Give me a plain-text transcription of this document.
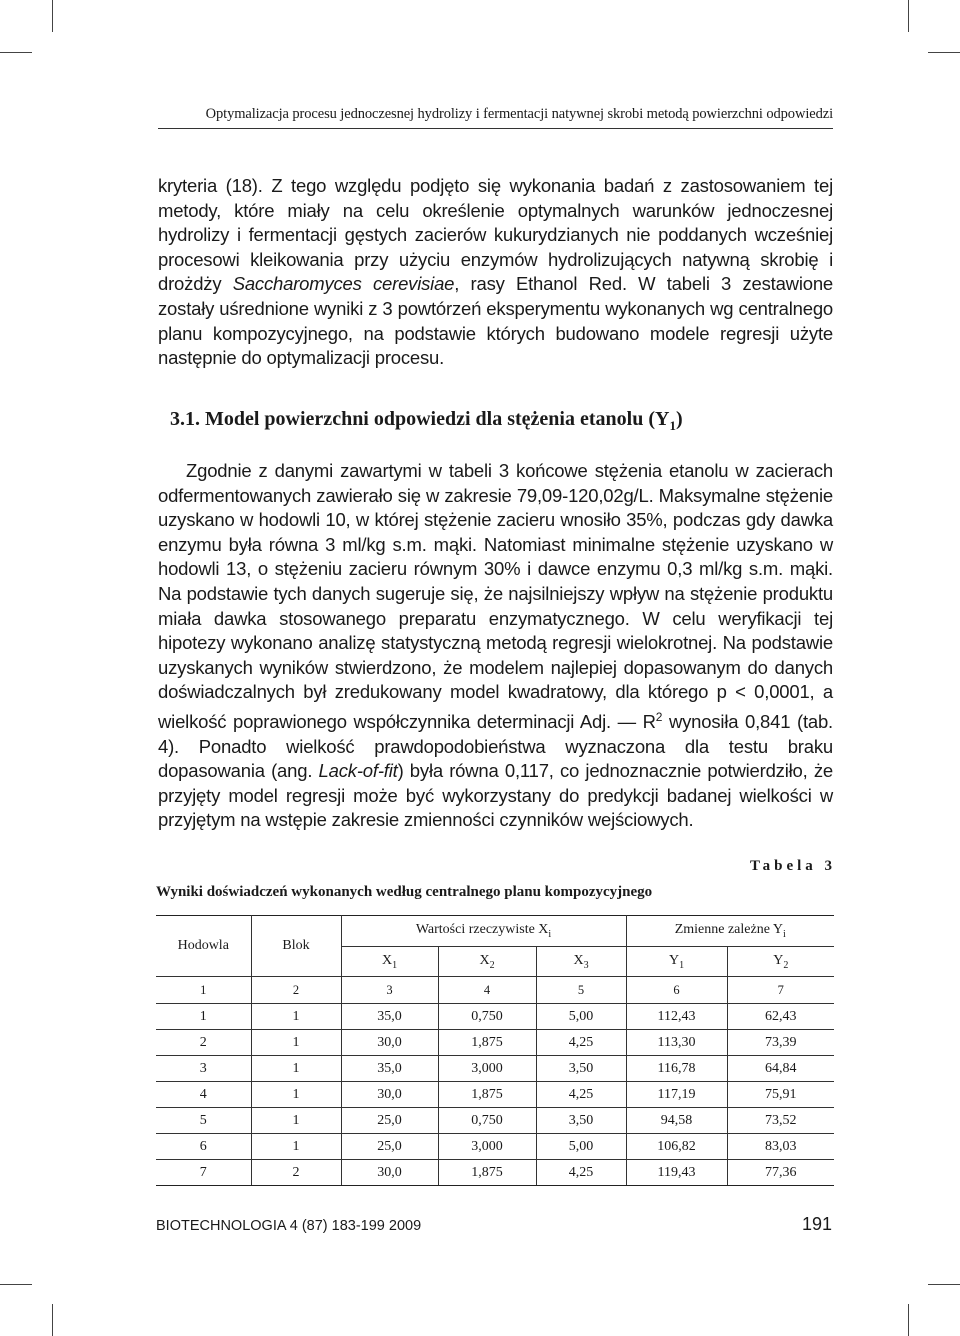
Optymalizacja procesu jednoczesnej hydrolizy i fermentacji natywnej skrobi metodą powierzchni odpowiedzi
kryteria (18). Z tego względu podjęto się wykonania badań z zastosowaniem tej metody, które miały na celu określenie optymalnych warunków jednoczesnej hydrolizy i fermentacji gęstych zacierów kukurydzianych nie poddanych wcześniej procesowi kleikowania przy użyciu enzymów hydrolizujących natywną skrobię i drożdży Saccharomyces cerevisiae, rasy Ethanol Red. W tabeli 3 zestawione zostały uśrednione wyniki z 3 powtórzeń eksperymentu wykonanych wg centralnego planu kompozycyjnego, na podstawie których budowano modele regresji użyte następnie do optymalizacji procesu.
3.1. Model powierzchni odpowiedzi dla stężenia etanolu $(Y_1)$
Zgodnie z danymi zawartymi w tabeli 3 końcowe stężenia etanolu w zacierach odfermentowanych zawierało się w zakresie 79,09-120,02g/L. Maksymalne stężenie uzyskano w hodowli 10, w której stężenie zacieru wnosiło 35%, podczas gdy dawka enzymu była równa 3 ml/kg s.m. mąki. Natomiast minimalne stężenie uzyskano w hodowli 13, o stężeniu zacieru równym 30% i dawce enzymu 0,3 ml/kg s.m. mąki. Na podstawie tych danych sugeruje się, że najsilniejszy wpływ na stężenie produktu miała dawka stosowanego preparatu enzymatycznego. W celu weryfikacji tej hipotezy wykonano analizę statystyczną metodą regresji wielokrotnej. Na podstawie uzyskanych wyników stwierdzono, że modelem najlepiej dopasowanym do danych doświadczalnych był zredukowany model kwadratowy, dla którego p < 0,0001, a wielkość poprawionego współczynnika determinacji Adj. — $R^2$ wynosiła 0,841 (tab. 4). Ponadto wielkość prawdopodobieństwa wyznaczona dla testu braku dopasowania (ang. Lack-of-fit) była równa 0,117, co jednoznacznie potwierdziło, że przyjęty model regresji może być wykorzystany do predykcji badanej wielkości w przyjętym na wstępie zakresie zmienności czynników wejściowych.
Tabela 3
Wyniki doświadczeń wykonanych według centralnego planu kompozycyjnego
Hodowla	Blok	Wartości rzeczywiste $X_i$			Zmienne zależne $Y_i$
		$X_1$	$X_2$	$X_3$	$Y_1$	$Y_2$
1	2	3	4	5	6	7
1	1	35,0	0,750	5,00	112,43	62,43
2	1	30,0	1,875	4,25	113,30	73,39
3	1	35,0	3,000	3,50	116,78	64,84
4	1	30,0	1,875	4,25	117,19	75,91
5	1	25,0	0,750	3,50	94,58	73,52
6	1	25,0	3,000	5,00	106,82	83,03
7	2	30,0	1,875	4,25	119,43	77,36
BIOTECHNOLOGIA 4 (87) 183-199 2009	191
